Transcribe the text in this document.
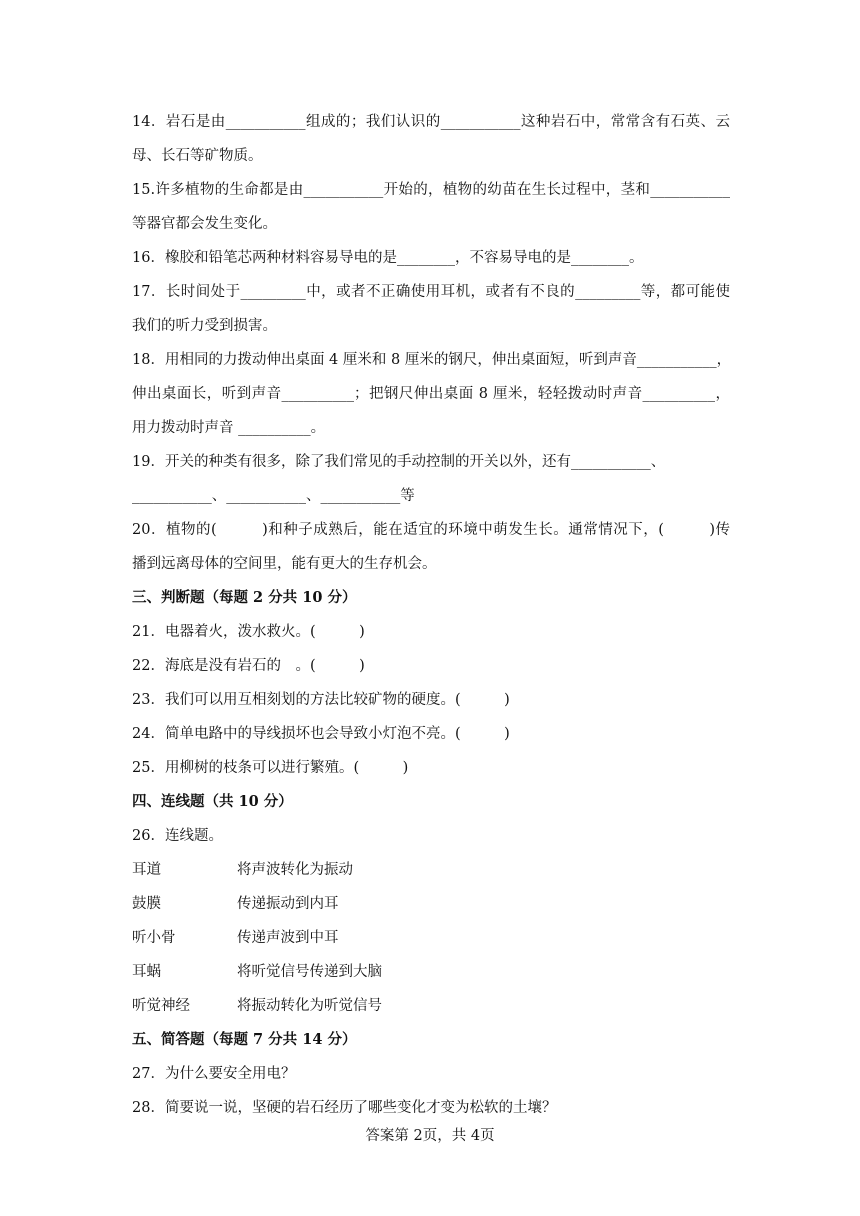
14．岩石是由___________组成的；我们认识的___________这种岩石中，常常含有石英、云
母、长石等矿物质。
15.许多植物的生命都是由___________开始的，植物的幼苗在生长过程中，茎和___________
等器官都会发生变化。
16．橡胶和铅笔芯两种材料容易导电的是________，不容易导电的是________。
17．长时间处于_________中，或者不正确使用耳机，或者有不良的_________等，都可能使
我们的听力受到损害。
18．用相同的力拨动伸出桌面 4 厘米和 8 厘米的钢尺，伸出桌面短，听到声音___________，
伸出桌面长，听到声音__________；把钢尺伸出桌面 8 厘米，轻轻拨动时声音__________，
用力拨动时声音 __________。
19．开关的种类有很多，除了我们常见的手动控制的开关以外，还有___________、
___________、___________、___________等
20．植物的(　　　)和种子成熟后，能在适宜的环境中萌发生长。通常情况下，(　　　)传
播到远离母体的空间里，能有更大的生存机会。
三、判断题（每题 2 分共 10 分）
21．电器着火，泼水救火。(　　　)
22．海底是没有岩石的　。(　　　)
23．我们可以用互相刻划的方法比较矿物的硬度。(　　　)
24．简单电路中的导线损坏也会导致小灯泡不亮。(　　　)
25．用柳树的枝条可以进行繁殖。(　　　)
四、连线题（共 10 分）
26．连线题。
耳道	将声波转化为振动
鼓膜	传递振动到内耳
听小骨	传递声波到中耳
耳蜗	将听觉信号传递到大脑
听觉神经	将振动转化为听觉信号
五、简答题（每题 7 分共 14 分）
27．为什么要安全用电？
28．简要说一说，坚硬的岩石经历了哪些变化才变为松软的土壤？
答案第 2页，共 4页
